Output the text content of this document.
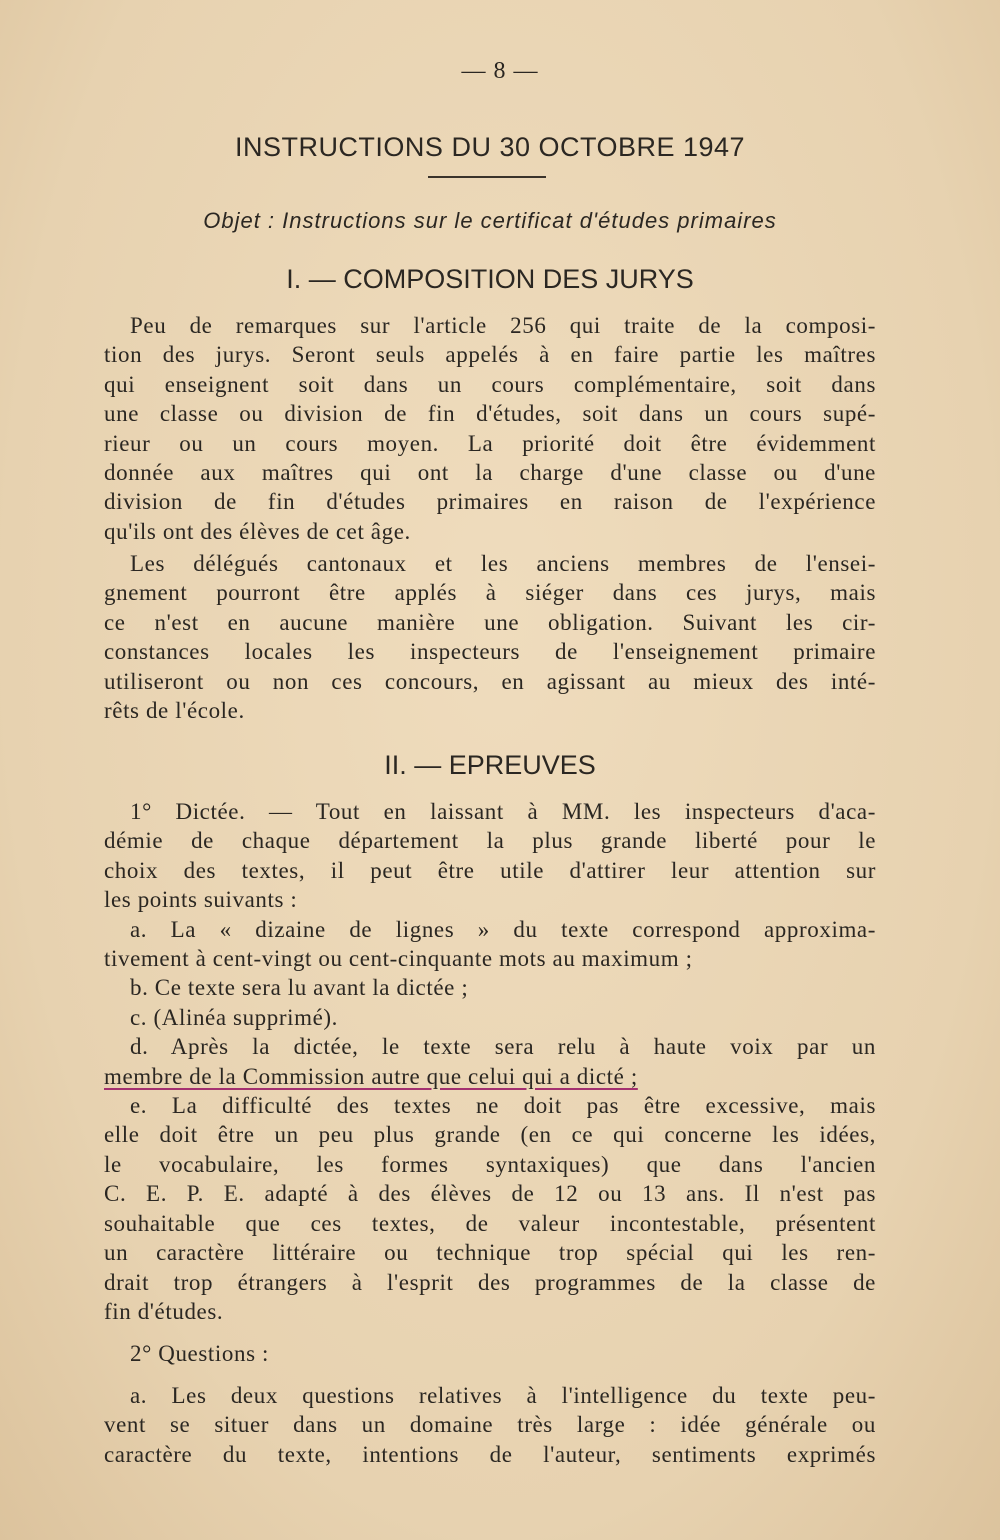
— 8 —
INSTRUCTIONS DU 30 OCTOBRE 1947
Objet : Instructions sur le certificat d'études primaires
I. — COMPOSITION DES JURYS
Peu de remarques sur l'article 256 qui traite de la composi-
tion des jurys. Seront seuls appelés à en faire partie les maîtres
qui enseignent soit dans un cours complémentaire, soit dans
une classe ou division de fin d'études, soit dans un cours supé-
rieur ou un cours moyen. La priorité doit être évidemment
donnée aux maîtres qui ont la charge d'une classe ou d'une
division de fin d'études primaires en raison de l'expérience
qu'ils ont des élèves de cet âge.
Les délégués cantonaux et les anciens membres de l'ensei-
gnement pourront être applés à siéger dans ces jurys, mais
ce n'est en aucune manière une obligation. Suivant les cir-
constances locales les inspecteurs de l'enseignement primaire
utiliseront ou non ces concours, en agissant au mieux des inté-
rêts de l'école.
II. — EPREUVES
1° Dictée. — Tout en laissant à MM. les inspecteurs d'aca-
démie de chaque département la plus grande liberté pour le
choix des textes, il peut être utile d'attirer leur attention sur
les points suivants :
a. La « dizaine de lignes » du texte correspond approxima-
tivement à cent-vingt ou cent-cinquante mots au maximum ;
b. Ce texte sera lu avant la dictée ;
c. (Alinéa supprimé).
d. Après la dictée, le texte sera relu à haute voix par un
membre de la Commission autre que celui qui a dicté ;
e. La difficulté des textes ne doit pas être excessive, mais
elle doit être un peu plus grande (en ce qui concerne les idées,
le vocabulaire, les formes syntaxiques) que dans l'ancien
C. E. P. E. adapté à des élèves de 12 ou 13 ans. Il n'est pas
souhaitable que ces textes, de valeur incontestable, présentent
un caractère littéraire ou technique trop spécial qui les ren-
drait trop étrangers à l'esprit des programmes de la classe de
fin d'études.
2° Questions :
a. Les deux questions relatives à l'intelligence du texte peu-
vent se situer dans un domaine très large : idée générale ou
caractère du texte, intentions de l'auteur, sentiments exprimés
